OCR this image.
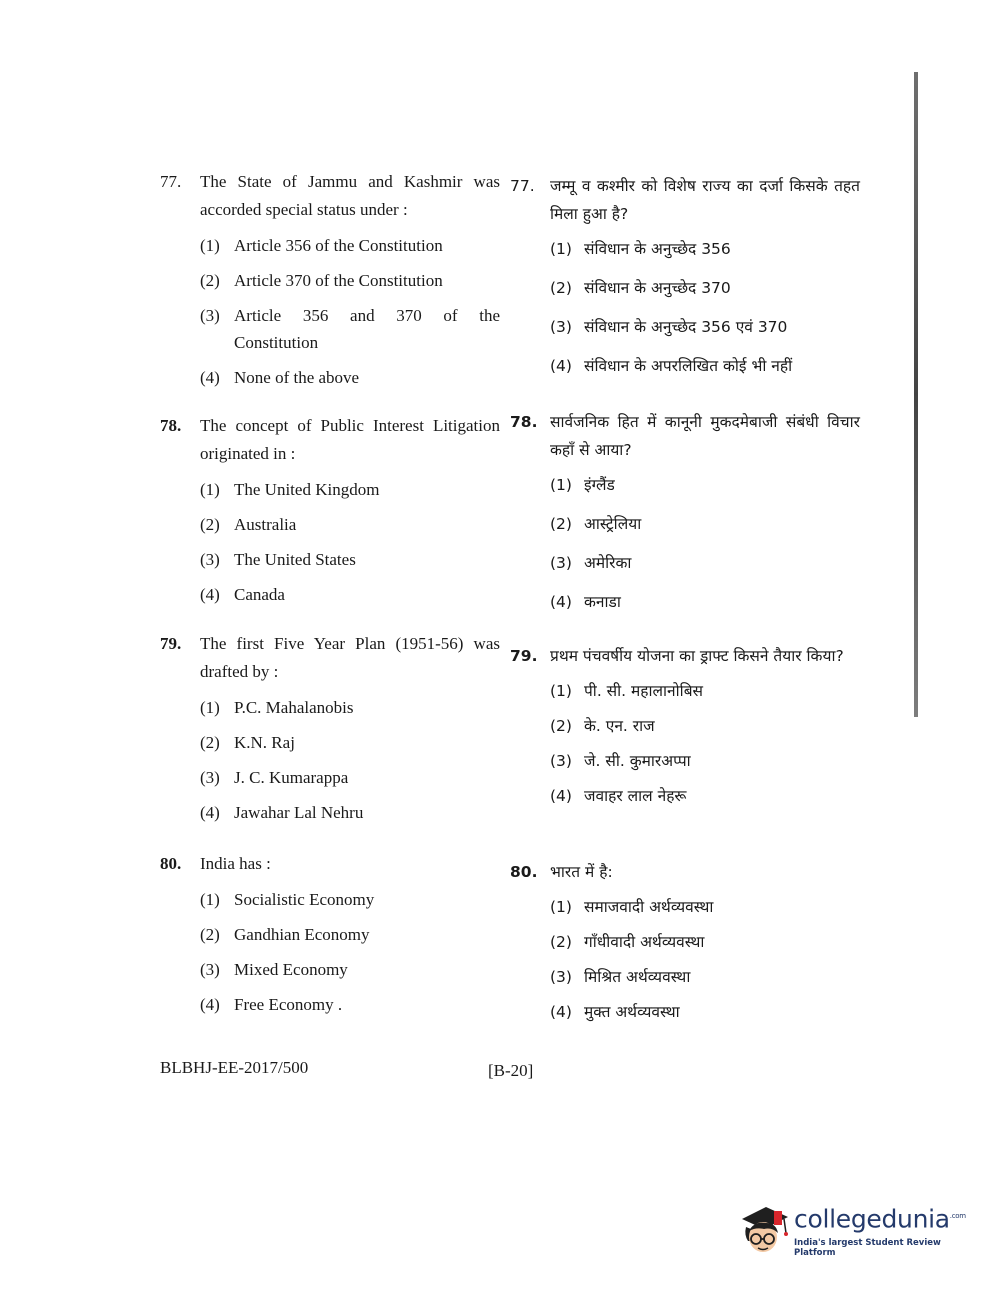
77.	The State of Jammu and Kashmir was accorded special status under :
(1) Article 356 of the Constitution
(2) Article 370 of the Constitution
(3) Article 356 and 370 of the Constitution
(4) None of the above
78.	The concept of Public Interest Litigation originated in :
(1) The United Kingdom
(2) Australia
(3) The United States
(4) Canada
79.	The first Five Year Plan (1951-56) was drafted by :
(1) P.C. Mahalanobis
(2) K.N. Raj
(3) J. C. Kumarappa
(4) Jawahar Lal Nehru
80.	India has :
(1) Socialistic Economy
(2) Gandhian Economy
(3) Mixed Economy
(4) Free Economy .
77. जम्मू व कश्मीर को विशेष राज्य का दर्जा किसके तहत मिला हुआ है?
(1) संविधान के अनुच्छेद 356
(2) संविधान के अनुच्छेद 370
(3) संविधान के अनुच्छेद 356 एवं 370
(4) संविधान के अपरलिखित कोई भी नहीं
78. सार्वजनिक हित में कानूनी मुकदमेबाजी संबंधी विचार कहाँ से आया?
(1) इंग्लैंड
(2) आस्ट्रेलिया
(3) अमेरिका
(4) कनाडा
79. प्रथम पंचवर्षीय योजना का ड्राफ्ट किसने तैयार किया?
(1) पी. सी. महालानोबिस
(2) के. एन. राज
(3) जे. सी. कुमारअप्पा
(4) जवाहर लाल नेहरू
80. भारत में है:
(1) समाजवादी अर्थव्यवस्था
(2) गाँधीवादी अर्थव्यवस्था
(3) मिश्रित अर्थव्यवस्था
(4) मुक्त अर्थव्यवस्था
BLBHJ-EE-2017/500	[B-20]
collegedunia$^{.com}$
India's largest Student Review Platform
